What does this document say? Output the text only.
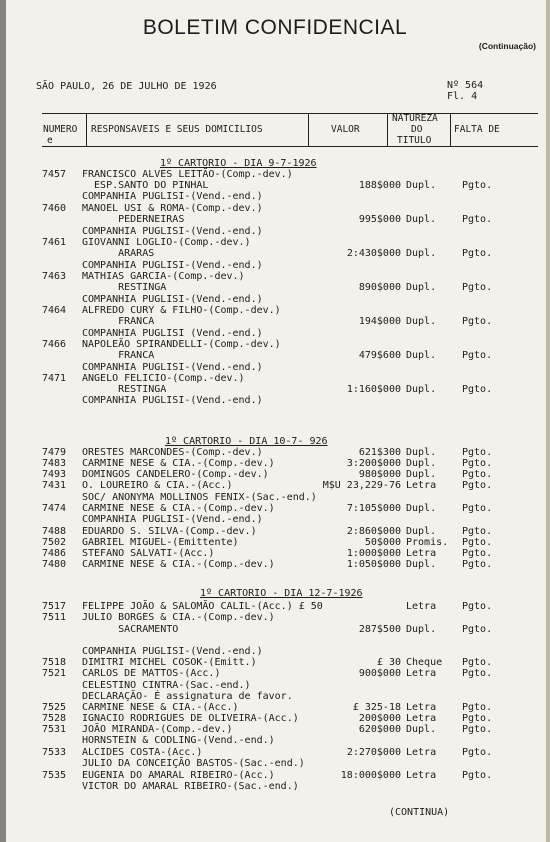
BOLETIM CONFIDENCIAL
(Continuação)
SÃO PAULO, 26 DE JULHO DE 1926	Nº 564
Fl. 4
NUMERO
e
RESPONSAVEIS E SEUS DOMICILIOS	VALOR
NATUREZA
DO
TITULO
FALTA DE
1º CARTORIO - DIA 9-7-1926
1º CARTORIO - DIA 10-7- 926
1º CARTORIO - DIA 12-7-1926
7457 FRANCISCO ALVES LEITÃO-(Comp.-dev.)
ESP.SANTO DO PINHAL	188$000 Dupl.	Pgto.
COMPANHIA PUGLISI-(Vend.-end.)
7460 MANOEL USI & ROMA-(Comp.-dev.)
PEDERNEIRAS	995$000 Dupl.	Pgto.
COMPANHIA PUGLISI-(Vend.-end.)
7461 GIOVANNI LOGLIO-(Comp.-dev.)
ARARAS	2:430$000 Dupl.	Pgto.
COMPANHIA PUGLISI-(Vend.-end.)
7463 MATHIAS GARCIA-(Comp.-dev.)
RESTINGA	890$000 Dupl.	Pgto.
COMPANHIA PUGLISI-(Vend.-end.)
7464 ALFREDO CURY & FILHO-(Comp.-dev.)
FRANCA	194$000 Dupl.	Pgto.
COMPANHIA PUGLISI (Vend.-end.)
7466 NAPOLEÃO SPIRANDELLI-(Comp.-dev.)
FRANCA	479$600 Dupl.	Pgto.
COMPANHIA PUGLISI-(Vend.-end.)
7471 ANGELO FELICIO-(Comp.-dev.)
RESTINGA	1:160$000 Dupl.	Pgto.
COMPANHIA PUGLISI-(Vend.-end.)
7479 ORESTES MARCONDES-(Comp.-dev.)	621$300 Dupl.	Pgto.
7483 CARMINE NESE & CIA.-(Comp.-dev.)	3:200$000 Dupl.	Pgto.
7493 DOMINGOS CANDELERO-(Comp.-dev.)	980$000 Dupl.	Pgto.
7431 O. LOUREIRO & CIA.-(Acc.)	M$U 23,229-76 Letra	Pgto.
SOC/ ANONYMA MOLLINOS FENIX-(Sac.-end.)
7474 CARMINE NESE & CIA.-(Comp.-dev.)	7:105$000 Dupl.	Pgto.
COMPANHIA PUGLISI-(Vend.-end.)
7488 EDUARDO S. SILVA-(Comp.-dev.)	2:860$000 Dupl.	Pgto.
7502 GABRIEL MIGUEL-(Emittente)	50$000 Promis. Pgto.
7486 STEFANO SALVATI-(Acc.)	1:000$000 Letra	Pgto.
7480 CARMINE NESE & CIA.-(Comp.-dev.)	1:050$000 Dupl.	Pgto.
7517 FELIPPE JOÃO & SALOMÃO CALIL-(Acc.) £ 50	Letra	Pgto.
7511 JULIO BORGES & CIA.-(Comp.-dev.)
SACRAMENTO	287$500 Dupl.	Pgto.
COMPANHIA PUGLISI-(Vend.-end.)
7518 DIMITRI MICHEL COSOK-(Emitt.)	£ 30 Cheque Pgto.
7521 CARLOS DE MATTOS-(Acc.)	900$000 Letra	Pgto.
CELESTINO CINTRA-(Sac.-end.)
DECLARAÇÃO- É assignatura de favor.
7525 CARMINE NESE & CIA.-(Acc.)	£ 325-18 Letra	Pgto.
7528 IGNACIO RODRIGUES DE OLIVEIRA-(Acc.)	200$000 Letra	Pgto.
7531 JOÃO MIRANDA-(Comp.-dev.)	620$000 Dupl.	Pgto.
HORNSTEIN & CODLING-(Vend.-end.)
7533 ALCIDES COSTA-(Acc.)	2:270$000 Letra	Pgto.
JULIO DA CONCEIÇÃO BASTOS-(Sac.-end.)
7535 EUGENIA DO AMARAL RIBEIRO-(Acc.)	18:000$000 Letra	Pgto.
VICTOR DO AMARAL RIBEIRO-(Sac.-end.)
(CONTINUA)
